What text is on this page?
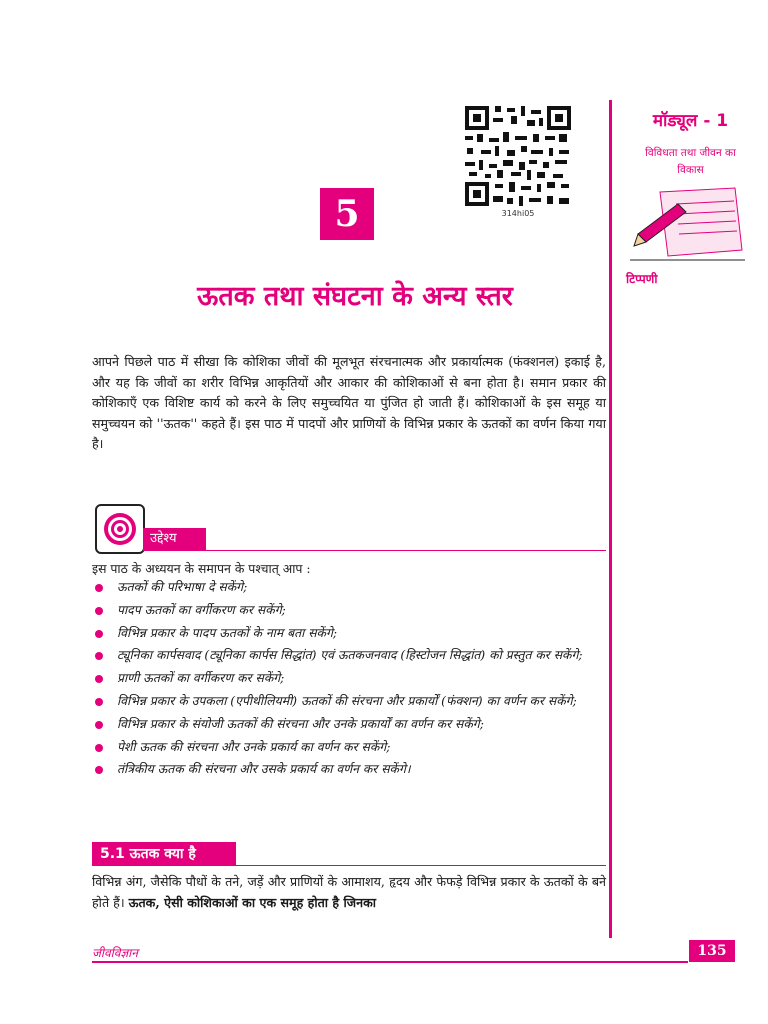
314hi05
5
ऊतक तथा संघटना के अन्य स्तर
मॉड्यूल - 1
विविधता तथा जीवन का
विकास
टिप्पणी
आपने पिछले पाठ में सीखा कि कोशिका जीवों की मूलभूत संरचनात्मक और प्रकार्यात्मक (फंक्शनल) इकाई है, और यह कि जीवों का शरीर विभिन्न आकृतियों और आकार की कोशिकाओं से बना होता है। समान प्रकार की कोशिकाएँ एक विशिष्ट कार्य को करने के लिए समुच्चयित या पुंजित हो जाती हैं। कोशिकाओं के इस समूह या समुच्चयन को ''ऊतक'' कहते हैं। इस पाठ में पादपों और प्राणियों के विभिन्न प्रकार के ऊतकों का वर्णन किया गया है।
उद्देश्य
इस पाठ के अध्ययन के समापन के पश्चात् आप :
ऊतकों की परिभाषा दे सकेंगे;
पादप ऊतकों का वर्गीकरण कर सकेंगे;
विभिन्न प्रकार के पादप ऊतकों के नाम बता सकेंगे;
ट्यूनिका कार्पसवाद (ट्यूनिका कार्पस सिद्धांत) एवं ऊतकजनवाद (हिस्टोजन सिद्धांत) को प्रस्तुत कर सकेंगे;
प्राणी ऊतकों का वर्गीकरण कर सकेंगे;
विभिन्न प्रकार के उपकला (एपीथीलियमी) ऊतकों की संरचना और प्रकार्यों (फंक्शन) का वर्णन कर सकेंगे;
विभिन्न प्रकार के संयोजी ऊतकों की संरचना और उनके प्रकार्यों का वर्णन कर सकेंगे;
पेशी ऊतक की संरचना और उनके प्रकार्य का वर्णन कर सकेंगे;
तंत्रिकीय ऊतक की संरचना और उसके प्रकार्य का वर्णन कर सकेंगे।
5.1 ऊतक क्या है
विभिन्न अंग, जैसेकि पौधों के तने, जड़ें और प्राणियों के आमाशय, हृदय और फेफड़े विभिन्न प्रकार के ऊतकों के बने होते हैं। ऊतक, ऐसी कोशिकाओं का एक समूह होता है जिनका
जीवविज्ञान	135
